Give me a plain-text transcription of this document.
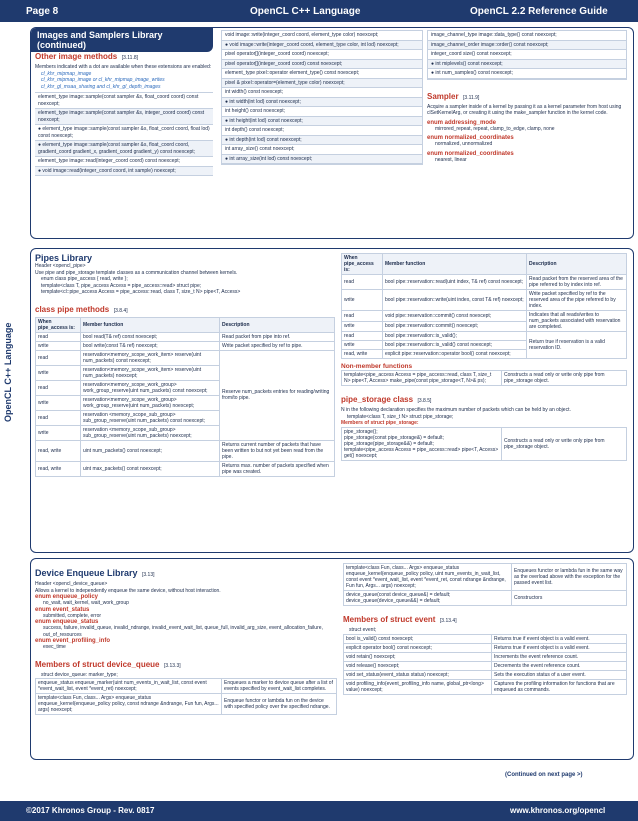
Page 8	OpenCL C++ Language	OpenCL 2.2 Reference Guide
OpenCL C++ Language
Images and Samplers Library (continued)
Other image methods [3.11.8]
Members indicated with a dot are available when these extensions are enabled:
cl_khr_mipmap_image
cl_khr_mipmap_image or cl_khr_mipmap_image_writes
cl_khr_gl_msaa_sharing and cl_khr_gl_depth_images
element_type image::sample(const sampler &s, float_coord coord) const noexcept;
element_type image::sample(const sampler &s, integer_coord coord) const noexcept;
● element_type image::sample(const sampler &s, float_coord coord, float lod) const noexcept;
● element_type image::sample(const sampler &s, float_coord coord, gradient_coord gradient_x, gradient_coord gradient_y) const noexcept;
element_type image::read(integer_coord coord) const noexcept;
● void image::read(integer_coord coord, int sample) noexcept;
void image::write(integer_coord coord, element_type color) noexcept;
● void image::write(integer_coord coord, element_type color, int lod) noexcept;
pixel operator[](integer_coord coord) noexcept;
pixel operator[](integer_coord coord) const noexcept;
element_type pixel::operator element_type() const noexcept;
pixel & pixel::operator=(element_type color) noexcept;
int width() const noexcept;
● int width(int lod) const noexcept;
int height() const noexcept;
● int height(int lod) const noexcept;
int depth() const noexcept;
● int depth(int lod) const noexcept;
int array_size() const noexcept;
● int array_size(int lod) const noexcept;
image_channel_type image::data_type() const noexcept;
image_channel_order image::order() const noexcept;
integer_coord size() const noexcept;
● int miplevels() const noexcept;
● int num_samples() const noexcept;
Sampler [3.11.9]
Acquire a sampler inside of a kernel by passing it as a kernel parameter from host using clSetKernelArg, or creating it using the make_sampler function in the kernel code.
enum addressing_mode
mirrored_repeat, repeat, clamp_to_edge, clamp, none
enum normalized_coordinates
normalized, unnormalized
enum normalized_coordinates
nearest, linear
Pipes Library
Header <opencl_pipe>
Use pipe and pipe_storage template classes as a communication channel between kernels.
enum class pipe_access { read, write };
template<class T, pipe_access Access = pipe_access::read> struct pipe;
template<cl::pipe_access Access = pipe_access::read, class T, size_t N> pipe<T, Access>
class pipe methods [3.8.4]
When pipe_access is:	Member function	Description
read	bool read(T& ref) const noexcept;	Read packet from pipe into ref.
write	bool write(const T& ref) noexcept;	Write packet specified by ref to pipe.
read	reservation<memory_scope_work_item> reserve(uint num_packets) const noexcept;	Reserve num_packets entries for reading/writing from/to pipe.
write	reservation<memory_scope_work_item> reserve(uint num_packets) noexcept;	
read	reservation<memory_scope_work_group> work_group_reserve(uint num_packets) const noexcept;	
write	reservation<memory_scope_work_group> work_group_reserve(uint num_packets) noexcept;	
read	reservation <memory_scope_sub_group> sub_group_reserve(uint num_packets) const noexcept;	
write	reservation <memory_scope_sub_group> sub_group_reserve(uint num_packets) noexcept;	
read, write	uint num_packets() const noexcept;	Returns current number of packets that have been written to but not yet been read from the pipe.
read, write	uint max_packets() const noexcept;	Returns max. number of packets specified when pipe was created.
When pipe_access is:	Member function	Description
read	bool pipe::reservation::read(uint index, T& ref) const noexcept;	Read packet from the reserved area of the pipe referred to by index into ref.
write	bool pipe::reservation::write(uint index, const T& ref) noexcept;	Write packet specified by ref to the reserved area of the pipe referred to by index.
read	void pipe::reservation::commit() const noexcept;	Indicates that all reads/writes to num_packets associated with reservation are completed.
write	bool pipe::reservation::commit() noexcept;	
read	bool pipe::reservation::is_valid();	Return true if reservation is a valid reservation ID.
write	bool pipe::reservation::is_valid() const noexcept;	
read, write	explicit pipe::reservation::operator bool() const noexcept;	
Non-member functions
template<pipe_access Access = pipe_access::read, class T, size_t N> pipe<T, Access> make_pipe(const pipe_storage<T, N>& ps);	Constructs a read only or write only pipe from pipe_storage object.
pipe_storage class [3.8.5]
N in the following declaration specifies the maximum number of packets which can be held by an object.
template<class T, size_t N> struct pipe_storage;
Members of struct pipe_storage:
pipe_storage();
pipe_storage(const pipe_storage&) = default;
pipe_storage(pipe_storage&&) = default;
template<pipe_access Access = pipe_access::read> pipe<T, Access> get() noexcept;
	Constructs a read only or write only pipe from pipe_storage object.
Device Enqueue Library [3.13]
Header <opencl_device_queue>
Allows a kernel to independently enqueue the same device, without host interaction.
enum enqueue_policy
no_wait, wait_kernel, wait_work_group
enum event_status
submitted, complete, error
enum enqueue_status
success, failure, invalid_queue, invalid_ndrange, invalid_event_wait_list, queue_full, invalid_arg_size, event_allocation_failure, out_of_resources
enum event_profiling_info
exec_time
Members of struct device_queue [3.13.3]
struct device_queue: marker_type;
enqueue_status enqueue_marker(uint num_events_in_wait_list, const event *event_wait_list, event *event_ret) noexcept;	Enqueues a marker to device queue after a list of events specified by event_wait_list completes.
template<class Fun, class... Args> enqueue_status enqueue_kernel(enqueue_policy policy, const ndrange &ndrange, Fun fun, Args... args) noexcept;	Enqueue functor or lambda fun on the device with specified policy over the specified ndrange.
template<class Fun, class... Args> enqueue_status enqueue_kernel(enqueue_policy policy, uint num_events_in_wait_list, const event *event_wait_list, event *event_ret, const ndrange &ndrange, Fun fun, Args... args) noexcept;	Enqueues functor or lambda fun in the same way as the overload above with the exception for the passed event list.
device_queue(const device_queue&) = default; device_queue(device_queue&&) = default;	Constructors
Members of struct event [3.13.4]
struct event;
bool is_valid() const noexcept;	Returns true if event object is a valid event.
explicit operator bool() const noexcept;	Returns true if event object is a valid event.
void retain() noexcept;	Increments the event reference count.
void release() noexcept;	Decrements the event reference count.
void set_status(event_status status) noexcept;	Sets the execution status of a user event.
void profiling_info(event_profiling_info name, global_ptr<long> value) noexcept;	Captures the profiling information for functions that are enqueued as commands.
(Continued on next page >)
©2017 Khronos Group - Rev. 0817	www.khronos.org/opencl
